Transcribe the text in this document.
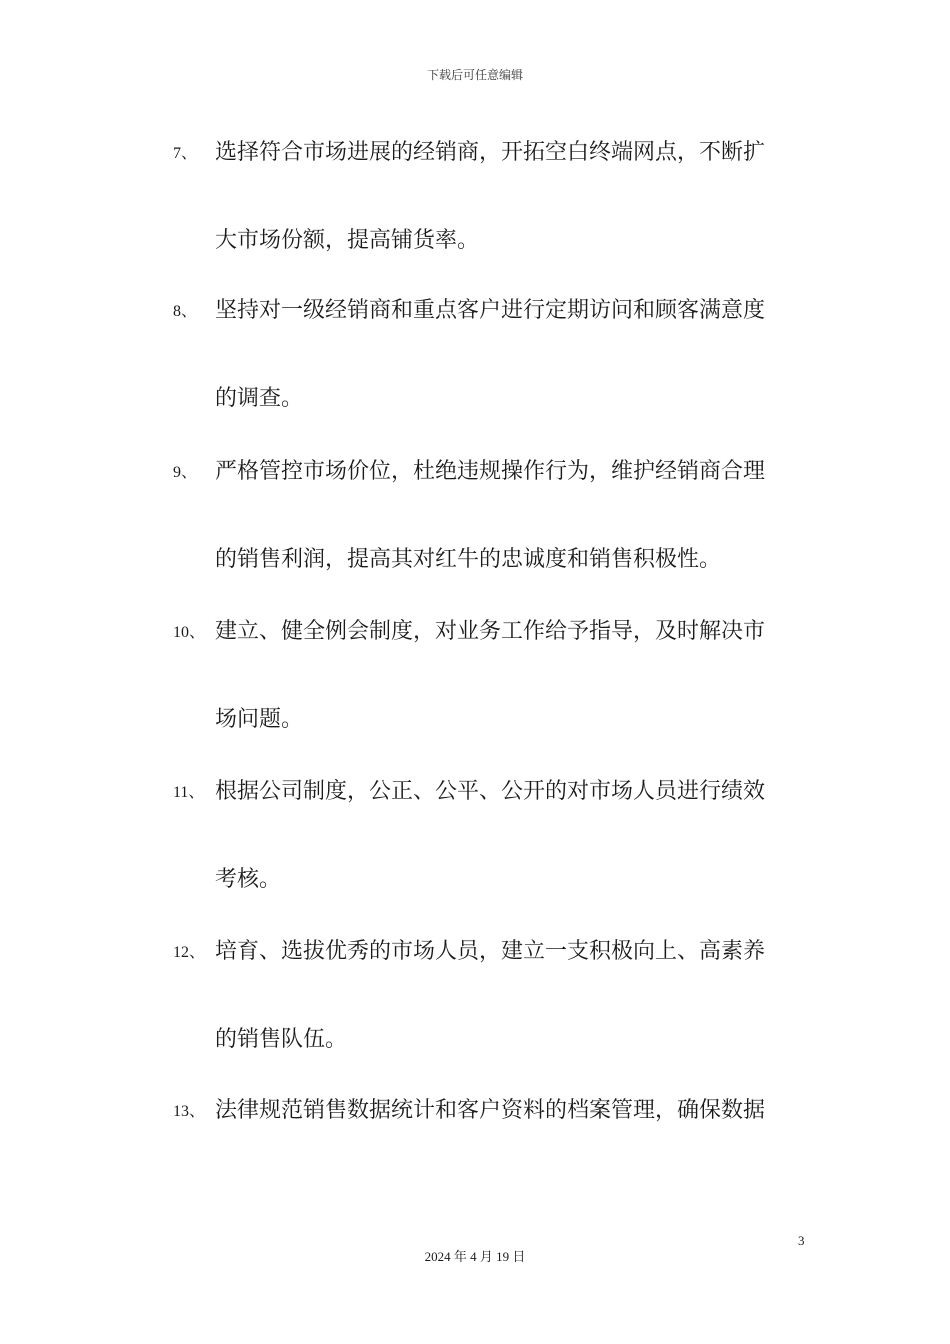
下载后可任意编辑
7、 选择符合市场进展的经销商，开拓空白终端网点，不断扩
大市场份额，提高铺货率。
8、 坚持对一级经销商和重点客户进行定期访问和顾客满意度
的调查。
9、 严格管控市场价位，杜绝违规操作行为，维护经销商合理
的销售利润，提高其对红牛的忠诚度和销售积极性。
10、 建立、健全例会制度，对业务工作给予指导，及时解决市
场问题。
11、 根据公司制度，公正、公平、公开的对市场人员进行绩效
考核。
12、 培育、选拔优秀的市场人员，建立一支积极向上、高素养
的销售队伍。
13、 法律规范销售数据统计和客户资料的档案管理，确保数据
3
2024 年 4 月 19 日
